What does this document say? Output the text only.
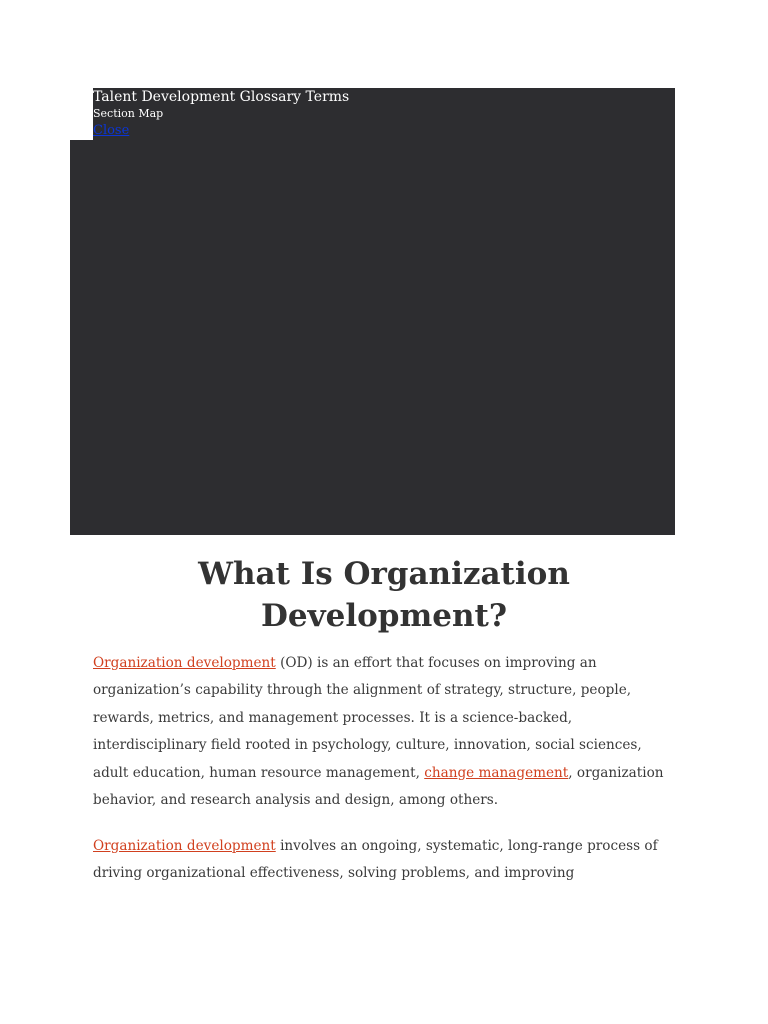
Talent Development Glossary Terms
Section Map
Close
What Is Organization Development?

Organization development (OD) is an effort that focuses on improving an organization’s capability through the alignment of strategy, structure, people, rewards, metrics, and management processes. It is a science-backed, interdisciplinary field rooted in psychology, culture, innovation, social sciences, adult education, human resource management, change management, organization behavior, and research analysis and design, among others.

Organization development involves an ongoing, systematic, long-range process of driving organizational effectiveness, solving problems, and improving
